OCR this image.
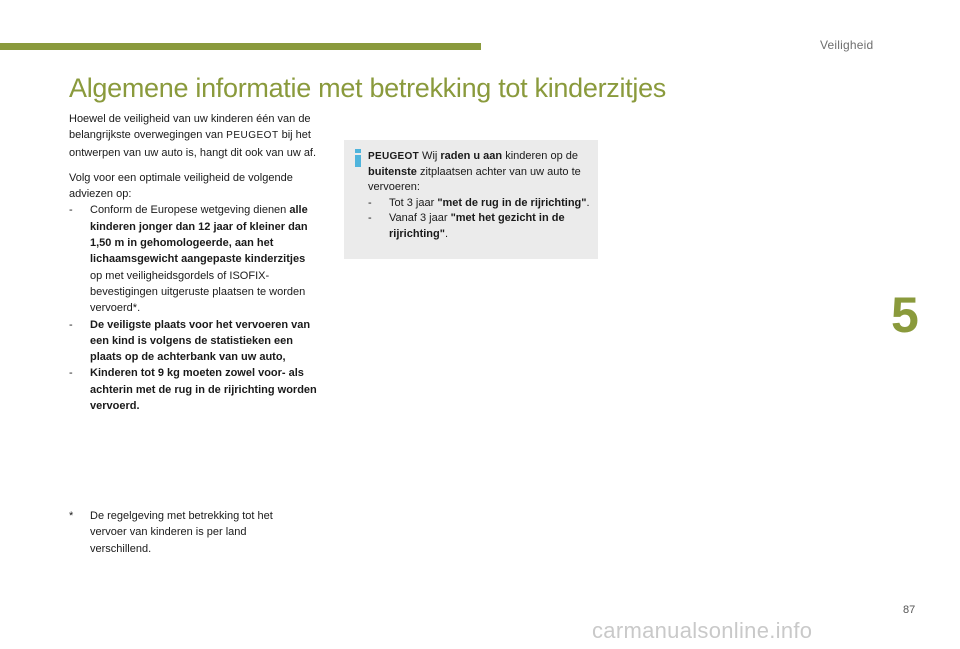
Veiligheid
Algemene informatie met betrekking tot kinderzitjes
5

Hoewel de veiligheid van uw kinderen één van de belangrijkste overwegingen van PEUGEOT bij het ontwerpen van uw auto is, hangt dit ook van uw af.

Volg voor een optimale veiligheid de volgende adviezen op:
- Conform de Europese wetgeving dienen alle kinderen jonger dan 12 jaar of kleiner dan 1,50 m in gehomologeerde, aan het lichaamsgewicht aangepaste kinderzitjes op met veiligheidsgordels of ISOFIX-bevestigingen uitgeruste plaatsen te worden vervoerd*.
- De veiligste plaats voor het vervoeren van een kind is volgens de statistieken een plaats op de achterbank van uw auto,
- Kinderen tot 9 kg moeten zowel voor- als achterin met de rug in de rijrichting worden vervoerd.
*	De regelgeving met betrekking tot het vervoer van kinderen is per land verschillend.
PEUGEOT Wij raden u aan kinderen op de buitenste zitplaatsen achter van uw auto te vervoeren:
- Tot 3 jaar "met de rug in de rijrichting".
- Vanaf 3 jaar "met het gezicht in de rijrichting".
87
carmanualsonline.info
